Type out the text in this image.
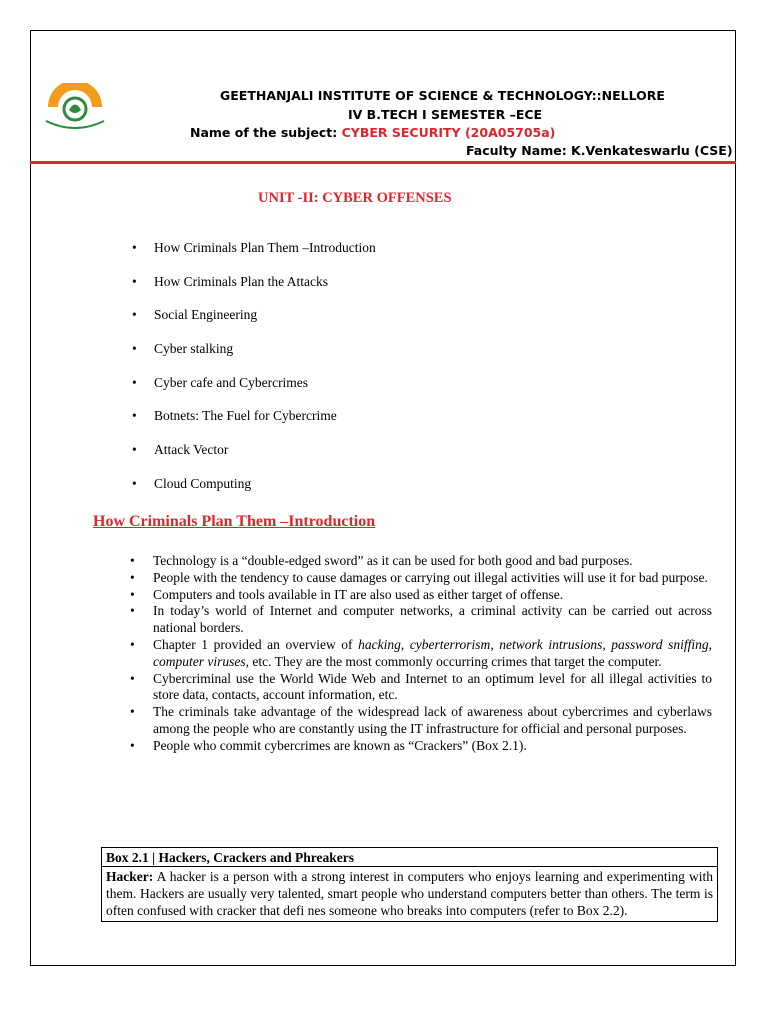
GEETHANJALI INSTITUTE OF SCIENCE & TECHNOLOGY::NELLORE
IV B.TECH I SEMESTER –ECE
Name of the subject: CYBER SECURITY (20A05705a)
Faculty Name: K.Venkateswarlu (CSE)
UNIT -II: CYBER OFFENSES
• How Criminals Plan Them –Introduction
• How Criminals Plan the Attacks
• Social Engineering
• Cyber stalking
• Cyber cafe and Cybercrimes
• Botnets: The Fuel for Cybercrime
• Attack Vector
• Cloud Computing
How Criminals Plan Them –Introduction
• Technology is a “double-edged sword” as it can be used for both good and bad purposes.
• People with the tendency to cause damages or carrying out illegal activities will use it for bad purpose.
• Computers and tools available in IT are also used as either target of offense.
• In today’s world of Internet and computer networks, a criminal activity can be carried out across national borders.
• Chapter 1 provided an overview of hacking, cyberterrorism, network intrusions, password sniffing, computer viruses, etc. They are the most commonly occurring crimes that target the computer.
• Cybercriminal use the World Wide Web and Internet to an optimum level for all illegal activities to store data, contacts, account information, etc.
• The criminals take advantage of the widespread lack of awareness about cybercrimes and cyberlaws among the people who are constantly using the IT infrastructure for official and personal purposes.
• People who commit cybercrimes are known as “Crackers” (Box 2.1).
Box 2.1 | Hackers, Crackers and Phreakers
Hacker: A hacker is a person with a strong interest in computers who enjoys learning and experimenting with them. Hackers are usually very talented, smart people who understand computers better than others. The term is often confused with cracker that defi nes someone who breaks into computers (refer to Box 2.2).
